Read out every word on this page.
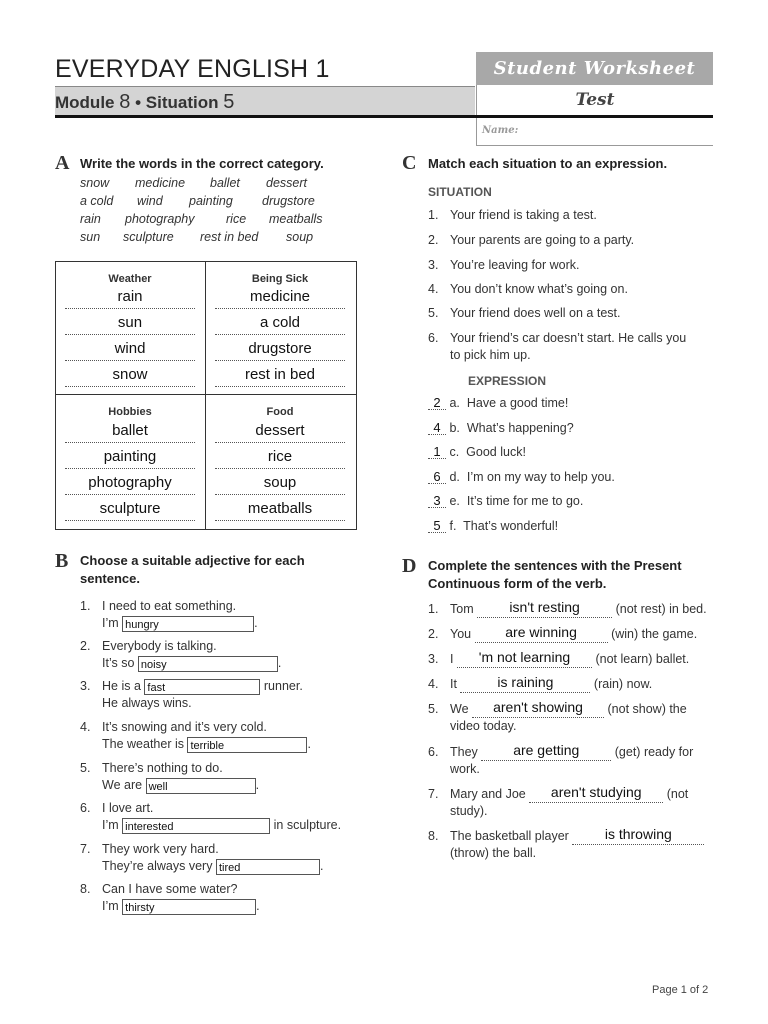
EVERYDAY ENGLISH 1
Module 8 • Situation 5
Student Worksheet
Test
Name:
A Write the words in the correct category.
snow medicine ballet dessert
a cold wind painting drugstore
rain photography	rice meatballs
sun sculpture rest in bed soup
Weather
rain
sun
wind
snow
Being Sick
medicine
a cold
drugstore
rest in bed
Hobbies
ballet
painting
photography
sculpture
Food
dessert
rice
soup
meatballs
B Choose a suitable adjective for each
sentence.
1. I need to eat something.
I’m hungry	.
2. Everybody is talking.
It’s so noisy	.
3. He is a fast	runner.
He always wins.
4. It’s snowing and it’s very cold.
The weather is terrible	.
5. There’s nothing to do.
We are well	.
6. I love art.
I’m interested	in sculpture.
7. They work very hard.
They’re always very tired	.
8. Can I have some water?
I’m thirsty	.
C Match each situation to an expression.
SITUATION
1. Your friend is taking a test.
2. Your parents are going to a party.
3. You’re leaving for work.
4. You don’t know what’s going on.
5. Your friend does well on a test.
6. Your friend’s car doesn’t start. He calls you
to pick him up.
EXPRESSION
2 a. Have a good time!
4 b. What’s happening?
1 c. Good luck!
6 d. I’m on my way to help you.
3 e. It’s time for me to go.
5 f. That’s wonderful!
D Complete the sentences with the Present
Continuous form of the verb.
1. Tom	isn't resting	(not rest) in bed.
2. You are winning	(win) the game.
3. I 'm not learning (not learn) ballet.
4. It	is raining	(rain) now.
5. We aren't showing (not show) the
video today.
6. They	are getting	(get) ready for
work.
7. Mary and Joe aren't studying (not
study).
8. The basketball player	is throwing
(throw) the ball.
Page 1 of 2
